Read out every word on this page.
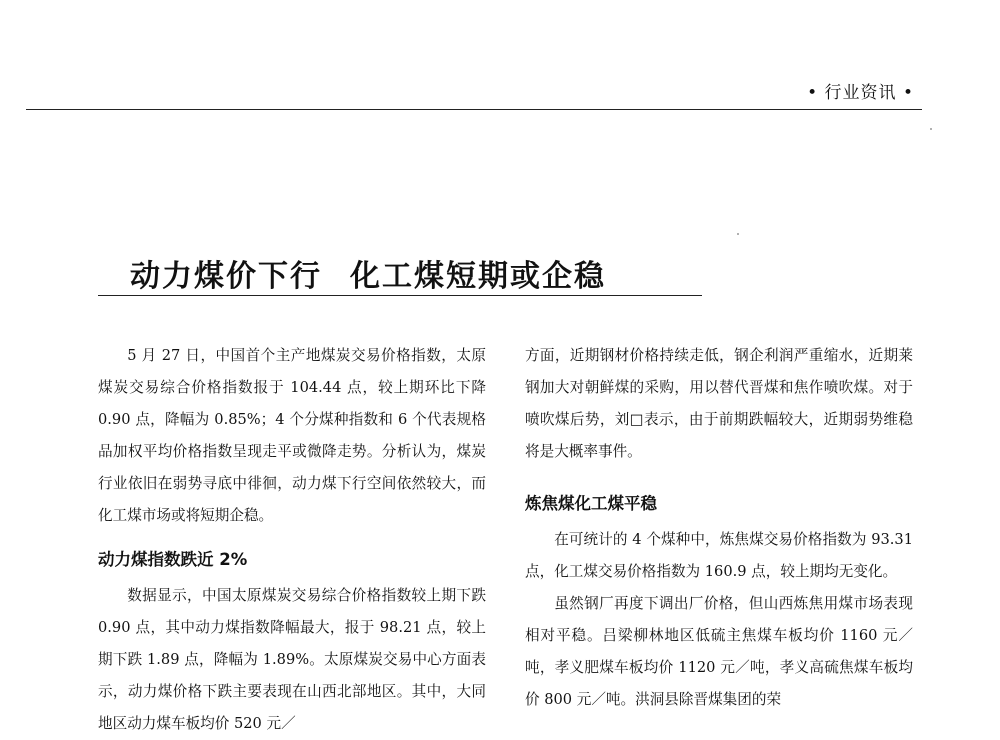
• 行业资讯 •
动力煤价下行 化工煤短期或企稳

5 月 27 日，中国首个主产地煤炭交易价格指数，太原煤炭交易综合价格指数报于 104.44 点，较上期环比下降 0.90 点，降幅为 0.85%；4 个分煤种指数和 6 个代表规格品加权平均价格指数呈现走平或微降走势。分析认为，煤炭行业依旧在弱势寻底中徘徊，动力煤下行空间依然较大，而化工煤市场或将短期企稳。

动力煤指数跌近 2%

数据显示，中国太原煤炭交易综合价格指数较上期下跌 0.90 点，其中动力煤指数降幅最大，报于 98.21 点，较上期下跌 1.89 点，降幅为 1.89%。太原煤炭交易中心方面表示，动力煤价格下跌主要表现在山西北部地区。其中，大同地区动力煤车板均价 520 元／

方面，近期钢材价格持续走低，钢企利润严重缩水，近期莱钢加大对朝鲜煤的采购，用以替代晋煤和焦作喷吹煤。对于喷吹煤后势，刘□表示，由于前期跌幅较大，近期弱势维稳将是大概率事件。

炼焦煤化工煤平稳

在可统计的 4 个煤种中，炼焦煤交易价格指数为 93.31 点，化工煤交易价格指数为 160.9 点，较上期均无变化。

虽然钢厂再度下调出厂价格，但山西炼焦用煤市场表现相对平稳。吕梁柳林地区低硫主焦煤车板均价 1160 元／吨，孝义肥煤车板均价 1120 元／吨，孝义高硫焦煤车板均价 800 元／吨。洪洞县除晋煤集团的荣
